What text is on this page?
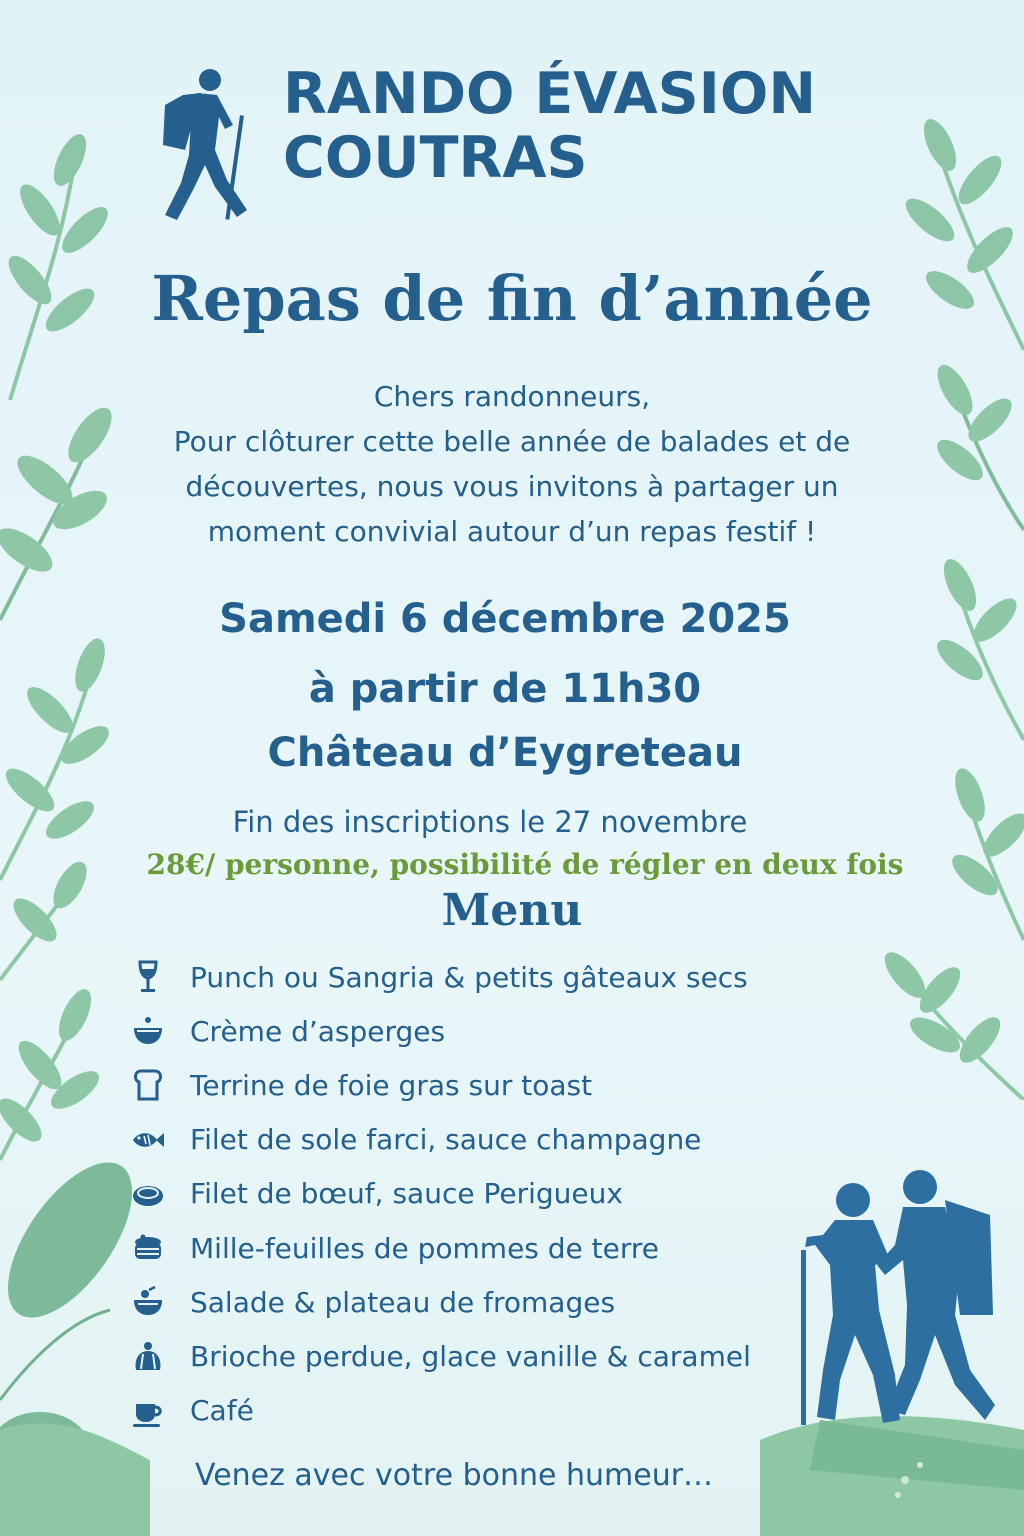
RANDO ÉVASION
COUTRAS
Repas de fin d’année
Chers randonneurs,
Pour clôturer cette belle année de balades et de
découvertes, nous vous invitons à partager un
moment convivial autour d’un repas festif !
Samedi 6 décembre 2025
à partir de 11h30
Château d’Eygreteau
Fin des inscriptions le 27 novembre
28€/ personne, possibilité de régler en deux fois
Menu
Punch ou Sangria & petits gâteaux secs
Crème d’asperges
Terrine de foie gras sur toast
Filet de sole farci, sauce champagne
Filet de bœuf, sauce Perigueux
Mille-feuilles de pommes de terre
Salade & plateau de fromages
Brioche perdue, glace vanille & caramel
Café
Venez avec votre bonne humeur…
